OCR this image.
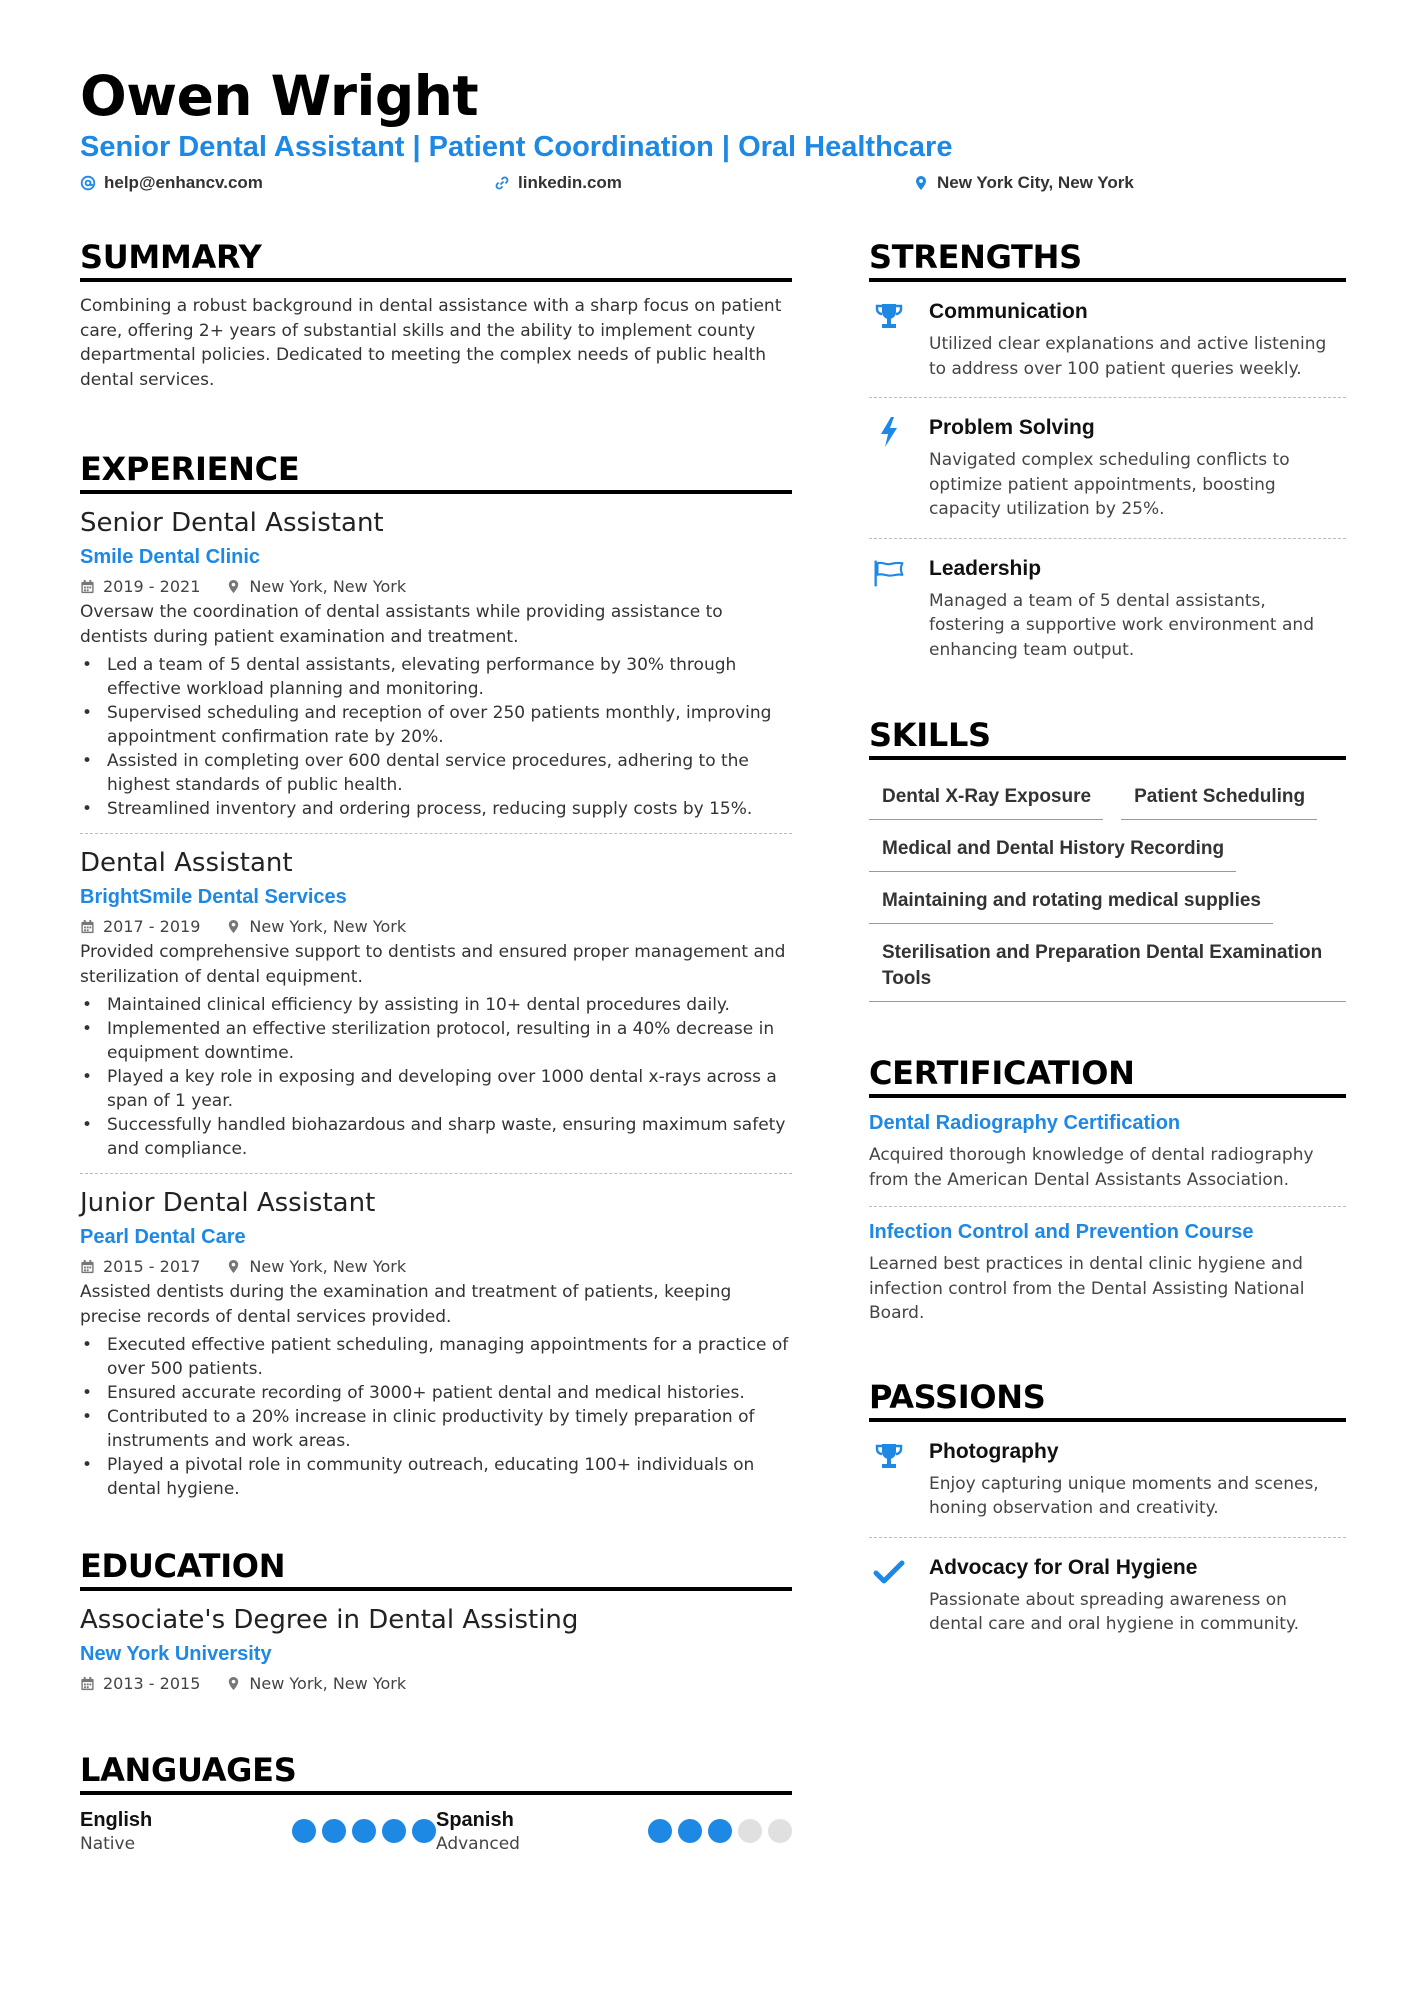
Owen Wright
Senior Dental Assistant | Patient Coordination | Oral Healthcare
help@enhancv.com	linkedin.com	New York City, New York
SUMMARY
Combining a robust background in dental assistance with a sharp focus on patient care, offering 2+ years of substantial skills and the ability to implement county departmental policies. Dedicated to meeting the complex needs of public health dental services.
EXPERIENCE
Senior Dental Assistant
Smile Dental Clinic
2019 - 2021	New York, New York
Oversaw the coordination of dental assistants while providing assistance to dentists during patient examination and treatment.
• Led a team of 5 dental assistants, elevating performance by 30% through effective workload planning and monitoring.
• Supervised scheduling and reception of over 250 patients monthly, improving appointment confirmation rate by 20%.
• Assisted in completing over 600 dental service procedures, adhering to the highest standards of public health.
• Streamlined inventory and ordering process, reducing supply costs by 15%.
Dental Assistant
BrightSmile Dental Services
2017 - 2019	New York, New York
Provided comprehensive support to dentists and ensured proper management and sterilization of dental equipment.
• Maintained clinical efficiency by assisting in 10+ dental procedures daily.
• Implemented an effective sterilization protocol, resulting in a 40% decrease in equipment downtime.
• Played a key role in exposing and developing over 1000 dental x-rays across a span of 1 year.
• Successfully handled biohazardous and sharp waste, ensuring maximum safety and compliance.
Junior Dental Assistant
Pearl Dental Care
2015 - 2017	New York, New York
Assisted dentists during the examination and treatment of patients, keeping precise records of dental services provided.
• Executed effective patient scheduling, managing appointments for a practice of over 500 patients.
• Ensured accurate recording of 3000+ patient dental and medical histories.
• Contributed to a 20% increase in clinic productivity by timely preparation of instruments and work areas.
• Played a pivotal role in community outreach, educating 100+ individuals on dental hygiene.
EDUCATION
Associate's Degree in Dental Assisting
New York University
2013 - 2015	New York, New York
LANGUAGES
English
Native
Spanish
Advanced
STRENGTHS
Communication
Utilized clear explanations and active listening to address over 100 patient queries weekly.
Problem Solving
Navigated complex scheduling conflicts to optimize patient appointments, boosting capacity utilization by 25%.
Leadership
Managed a team of 5 dental assistants, fostering a supportive work environment and enhancing team output.
SKILLS
Dental X-Ray Exposure	Patient Scheduling
Medical and Dental History Recording
Maintaining and rotating medical supplies
Sterilisation and Preparation Dental Examination Tools
CERTIFICATION
Dental Radiography Certification
Acquired thorough knowledge of dental radiography from the American Dental Assistants Association.
Infection Control and Prevention Course
Learned best practices in dental clinic hygiene and infection control from the Dental Assisting National Board.
PASSIONS
Photography
Enjoy capturing unique moments and scenes, honing observation and creativity.
Advocacy for Oral Hygiene
Passionate about spreading awareness on dental care and oral hygiene in community.
